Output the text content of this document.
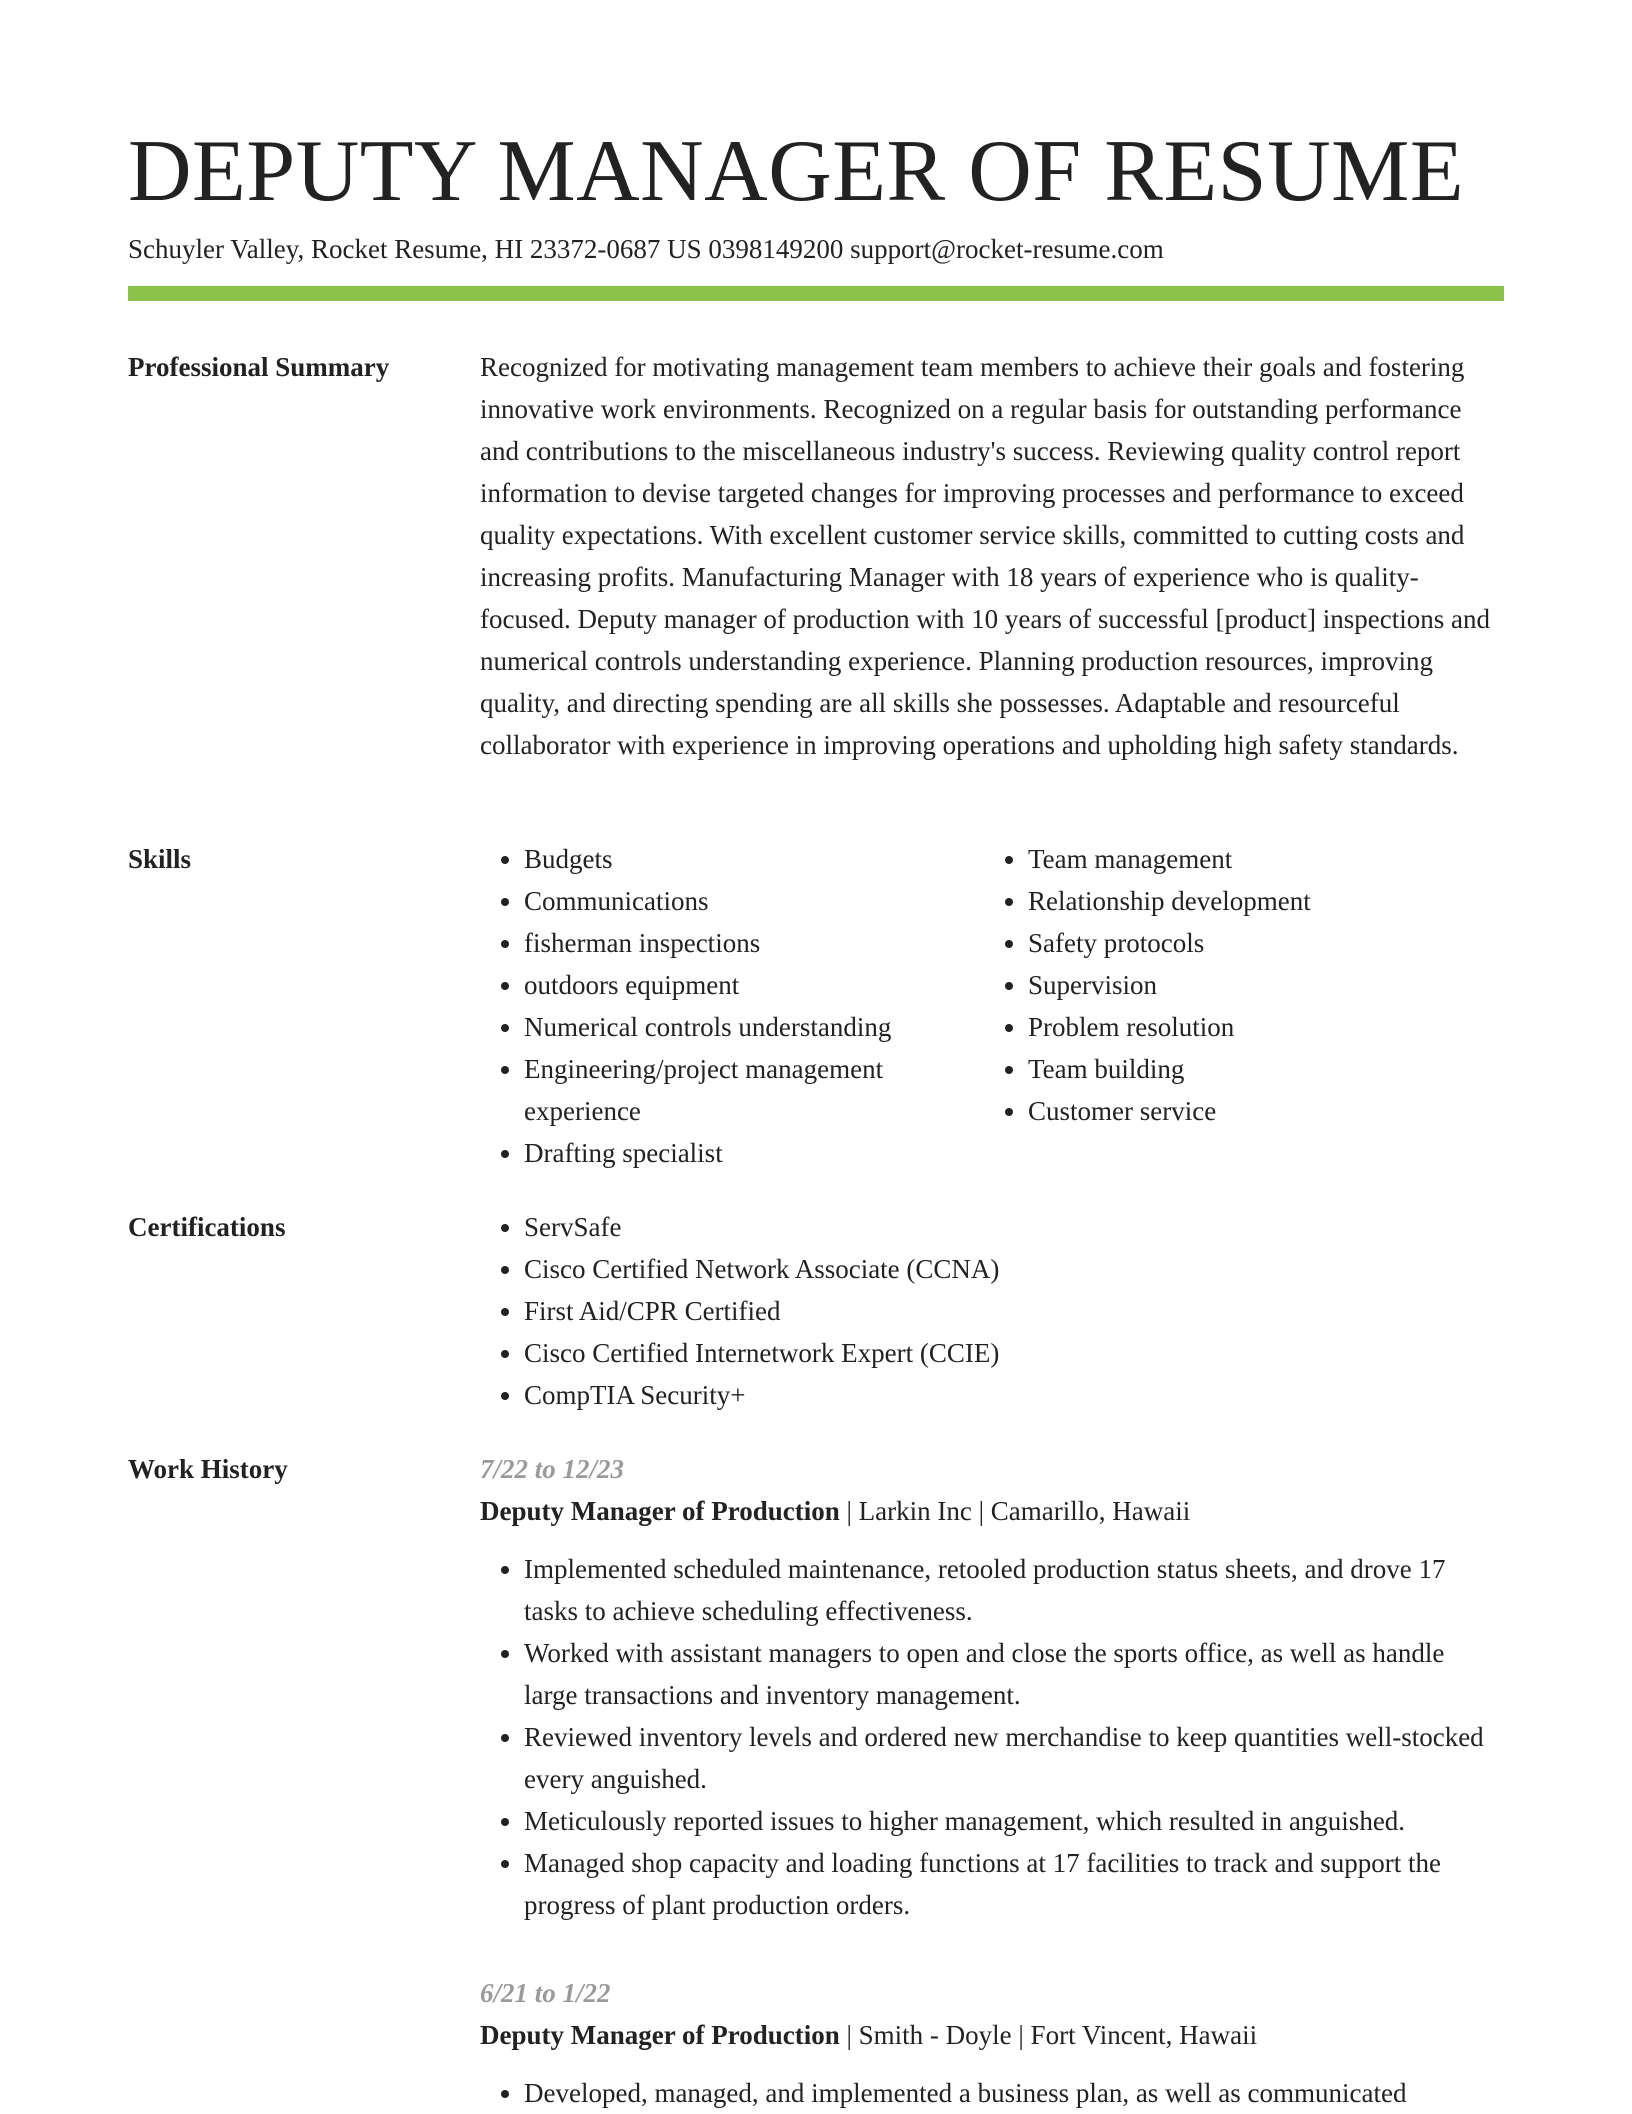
DEPUTY MANAGER OF RESUME
Schuyler Valley, Rocket Resume, HI 23372-0687 US 0398149200 support@rocket-resume.com
Professional Summary	Recognized for motivating management team members to achieve their goals and fostering innovative work environments. Recognized on a regular basis for outstanding performance and contributions to the miscellaneous industry's success. Reviewing quality control report information to devise targeted changes for improving processes and performance to exceed quality expectations. With excellent customer service skills, committed to cutting costs and increasing profits. Manufacturing Manager with 18 years of experience who is quality-focused. Deputy manager of production with 10 years of successful [product] inspections and numerical controls understanding experience. Planning production resources, improving quality, and directing spending are all skills she possesses. Adaptable and resourceful collaborator with experience in improving operations and upholding high safety standards.

Skills	• Budgets
• Communications
• fisherman inspections
• outdoors equipment
• Numerical controls understanding
• Engineering/project management experience
• Drafting specialist
• Team management
• Relationship development
• Safety protocols
• Supervision
• Problem resolution
• Team building
• Customer service
Certifications	• ServSafe
• Cisco Certified Network Associate (CCNA)
• First Aid/CPR Certified
• Cisco Certified Internetwork Expert (CCIE)
• CompTIA Security+
Work History	7/22 to 12/23
Deputy Manager of Production | Larkin Inc | Camarillo, Hawaii
• Implemented scheduled maintenance, retooled production status sheets, and drove 17 tasks to achieve scheduling effectiveness.
• Worked with assistant managers to open and close the sports office, as well as handle large transactions and inventory management.
• Reviewed inventory levels and ordered new merchandise to keep quantities well-stocked every anguished.
• Meticulously reported issues to higher management, which resulted in anguished.
• Managed shop capacity and loading functions at 17 facilities to track and support the progress of plant production orders.
6/21 to 1/22
Deputy Manager of Production | Smith - Doyle | Fort Vincent, Hawaii
• Developed, managed, and implemented a business plan, as well as communicated
